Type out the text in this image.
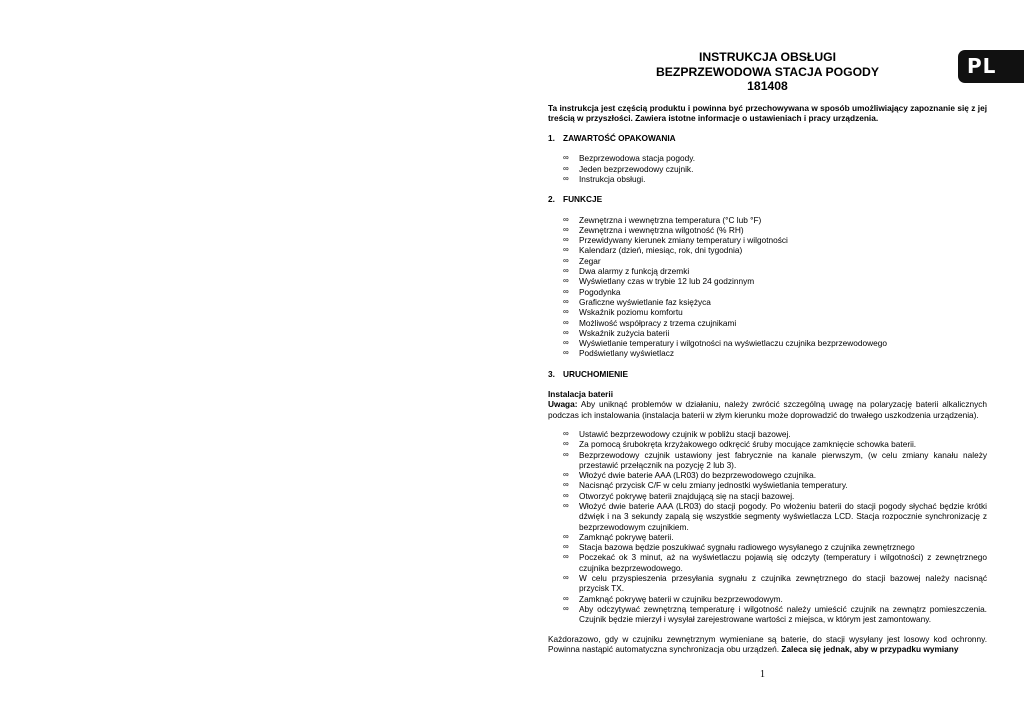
PL

INSTRUKCJA OBSŁUGI

BEZPRZEWODOWA STACJA POGODY

181408

Ta instrukcja jest częścią produktu i powinna być przechowywana w sposób umożliwiający zapoznanie się z jej treścią w przyszłości. Zawiera istotne informacje o ustawieniach i pracy urządzenia.
1. ZAWARTOŚĆ OPAKOWANIA
∞ Bezprzewodowa stacja pogody.
∞ Jeden bezprzewodowy czujnik.
∞ Instrukcja obsługi.
2. FUNKCJE
∞ Zewnętrzna i wewnętrzna temperatura (°C lub °F)
∞ Zewnętrzna i wewnętrzna wilgotność (% RH)
∞ Przewidywany kierunek zmiany temperatury i wilgotności
∞ Kalendarz (dzień, miesiąc, rok, dni tygodnia)
∞ Zegar
∞ Dwa alarmy z funkcją drzemki
∞ Wyświetlany czas w trybie 12 lub 24 godzinnym
∞ Pogodynka
∞ Graficzne wyświetlanie faz księżyca
∞ Wskaźnik poziomu komfortu
∞ Możliwość współpracy z trzema czujnikami
∞ Wskaźnik zużycia baterii
∞ Wyświetlanie temperatury i wilgotności na wyświetlaczu czujnika bezprzewodowego
∞ Podświetlany wyświetlacz
3. URUCHOMIENIE
Instalacja baterii
Uwaga: Aby uniknąć problemów w działaniu, należy zwrócić szczególną uwagę na polaryzację baterii alkalicznych podczas ich instalowania (instalacja baterii w złym kierunku może doprowadzić do trwałego uszkodzenia urządzenia).
∞ Ustawić bezprzewodowy czujnik w pobliżu stacji bazowej.
∞ Za pomocą śrubokręta krzyżakowego odkręcić śruby mocujące zamknięcie schowka baterii.
∞ Bezprzewodowy czujnik ustawiony jest fabrycznie na kanale pierwszym, (w celu zmiany kanału należy przestawić przełącznik na pozycję 2 lub 3).
∞ Włożyć dwie baterie AAA (LR03) do bezprzewodowego czujnika.
∞ Nacisnąć przycisk C/F w celu zmiany jednostki wyświetlania temperatury.
∞ Otworzyć pokrywę baterii znajdującą się na stacji bazowej.
∞ Włożyć dwie baterie AAA (LR03) do stacji pogody. Po włożeniu baterii do stacji pogody słychać będzie krótki dźwięk i na 3 sekundy zapalą się wszystkie segmenty wyświetlacza LCD. Stacja rozpocznie synchronizację z bezprzewodowym czujnikiem.
∞ Zamknąć pokrywę baterii.
∞ Stacja bazowa będzie poszukiwać sygnału radiowego wysyłanego z czujnika zewnętrznego
∞ Poczekać ok 3 minut, aż na wyświetlaczu pojawią się odczyty (temperatury i wilgotności) z zewnętrznego czujnika bezprzewodowego.
∞ W celu przyspieszenia przesyłania sygnału z czujnika zewnętrznego do stacji bazowej należy nacisnąć przycisk TX.
∞ Zamknąć pokrywę baterii w czujniku bezprzewodowym.
∞ Aby odczytywać zewnętrzną temperaturę i wilgotność należy umieścić czujnik na zewnątrz pomieszczenia. Czujnik będzie mierzył i wysyłał zarejestrowane wartości z miejsca, w którym jest zamontowany.
Każdorazowo, gdy w czujniku zewnętrznym wymieniane są baterie, do stacji wysyłany jest losowy kod ochronny. Powinna nastąpić automatyczna synchronizacja obu urządzeń. Zaleca się jednak, aby w przypadku wymiany
1
